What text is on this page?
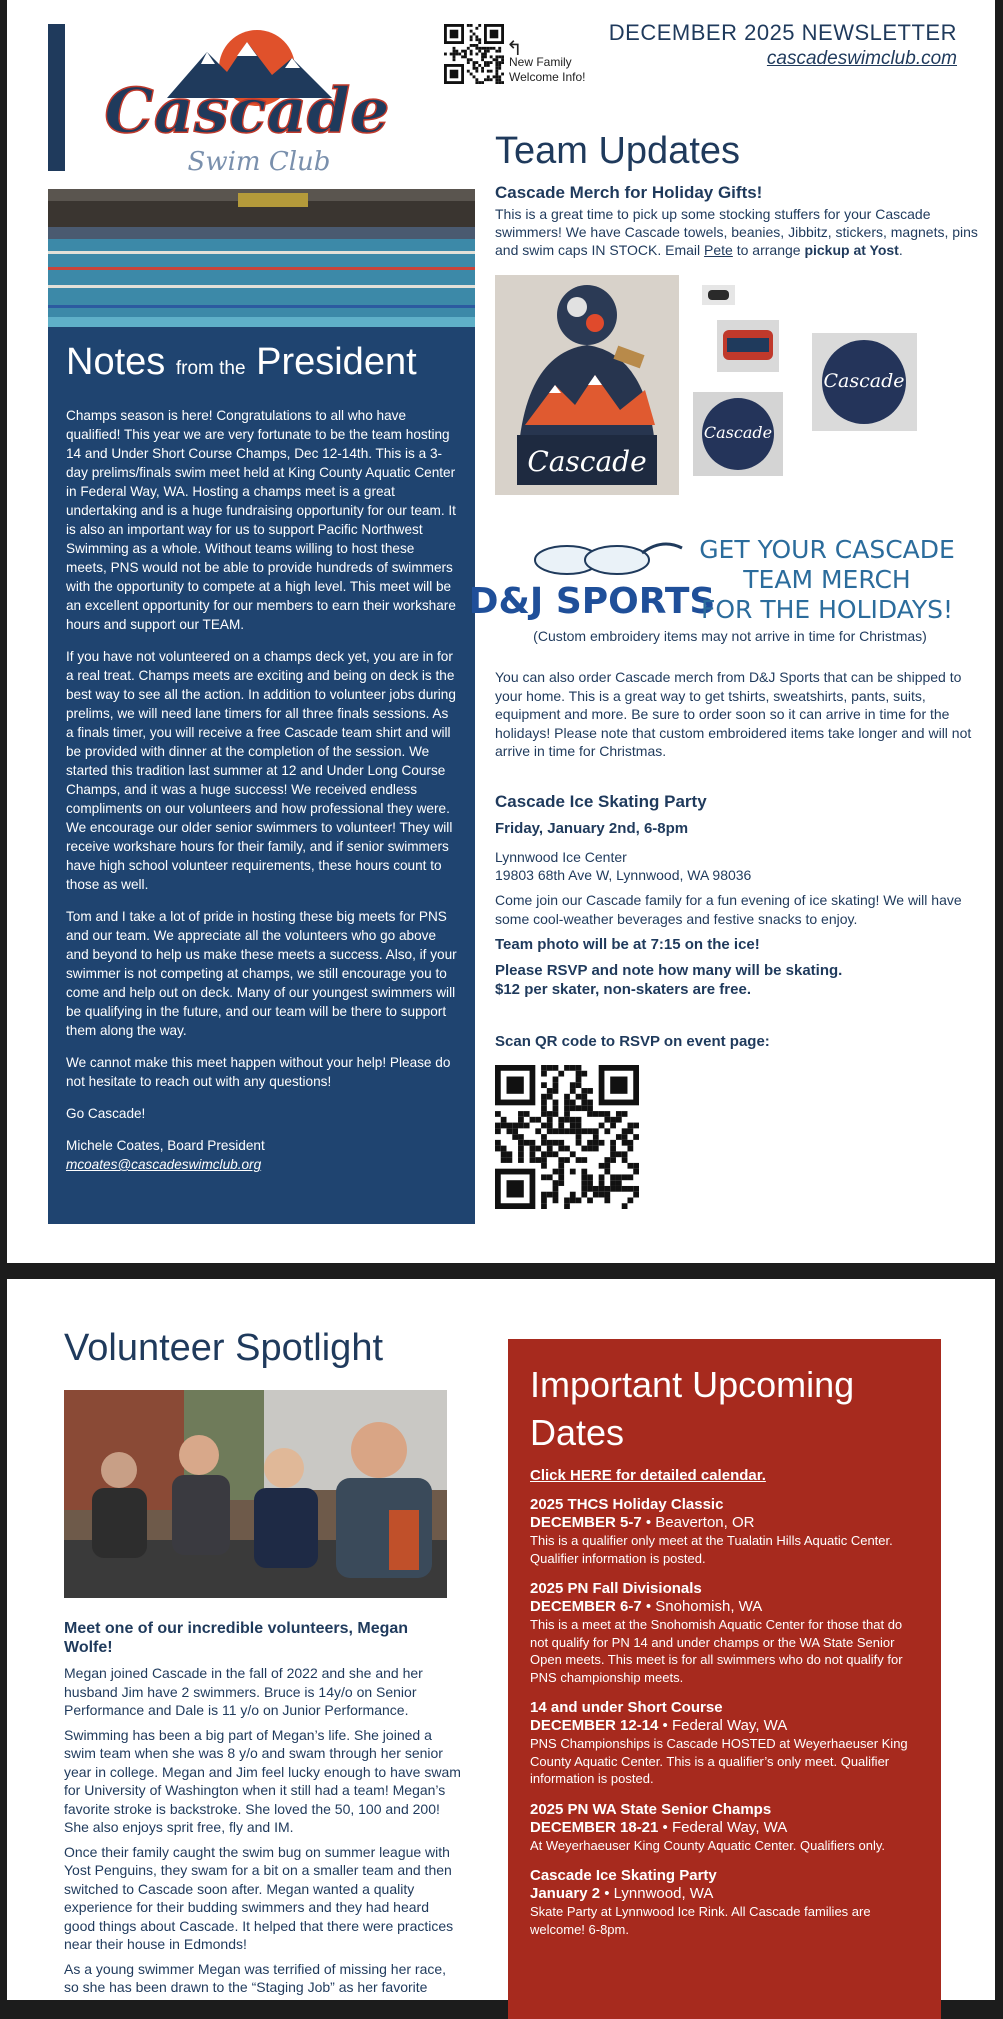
Cascade
Swim Club
↰
New Family
Welcome Info!
DECEMBER 2025 NEWSLETTER
cascadeswimclub.com
Notes from the President

Champs season is here! Congratulations to all who have qualified! This year we are very fortunate to be the team hosting 14 and Under Short Course Champs, Dec 12-14th. This is a 3-day prelims/finals swim meet held at King County Aquatic Center in Federal Way, WA. Hosting a champs meet is a great undertaking and is a huge fundraising opportunity for our team. It is also an important way for us to support Pacific Northwest Swimming as a whole. Without teams willing to host these meets, PNS would not be able to provide hundreds of swimmers with the opportunity to compete at a high level. This meet will be an excellent opportunity for our members to earn their workshare hours and support our TEAM.

If you have not volunteered on a champs deck yet, you are in for a real treat. Champs meets are exciting and being on deck is the best way to see all the action. In addition to volunteer jobs during prelims, we will need lane timers for all three finals sessions. As a finals timer, you will receive a free Cascade team shirt and will be provided with dinner at the completion of the session. We started this tradition last summer at 12 and Under Long Course Champs, and it was a huge success! We received endless compliments on our volunteers and how professional they were. We encourage our older senior swimmers to volunteer! They will receive workshare hours for their family, and if senior swimmers have high school volunteer requirements, these hours count to those as well.

Tom and I take a lot of pride in hosting these big meets for PNS and our team. We appreciate all the volunteers who go above and beyond to help us make these meets a success. Also, if your swimmer is not competing at champs, we still encourage you to come and help out on deck. Many of our youngest swimmers will be qualifying in the future, and our team will be there to support them along the way.

We cannot make this meet happen without your help! Please do not hesitate to reach out with any questions!

Go Cascade!

Michele Coates, Board President

mcoates@cascadeswimclub.org

Team Updates
Cascade Merch for Holiday Gifts!

This is a great time to pick up some stocking stuffers for your Cascade swimmers! We have Cascade towels, beanies, Jibbitz, stickers, magnets, pins and swim caps IN STOCK. Email Pete to arrange pickup at Yost.

Cascade
Cascade
Cascade
D&J SPORTS
GET YOUR CASCADE
TEAM MERCH
FOR THE HOLIDAYS!
(Custom embroidery items may not arrive in time for Christmas)

You can also order Cascade merch from D&J Sports that can be shipped to your home. This is a great way to get tshirts, sweatshirts, pants, suits, equipment and more. Be sure to order soon so it can arrive in time for the holidays! Please note that custom embroidered items take longer and will not arrive in time for Christmas.

Cascade Ice Skating Party
Friday, January 2nd, 6-8pm
Lynnwood Ice Center
19803 68th Ave W, Lynnwood, WA 98036

Come join our Cascade family for a fun evening of ice skating! We will have some cool-weather beverages and festive snacks to enjoy.

Team photo will be at 7:15 on the ice!
Please RSVP and note how many will be skating.
$12 per skater, non-skaters are free.
Scan QR code to RSVP on event page:
Volunteer Spotlight
Meet one of our incredible volunteers, Megan Wolfe!

Megan joined Cascade in the fall of 2022 and she and her husband Jim have 2 swimmers. Bruce is 14y/o on Senior Performance and Dale is 11 y/o on Junior Performance.

Swimming has been a big part of Megan’s life. She joined a swim team when she was 8 y/o and swam through her senior year in college. Megan and Jim feel lucky enough to have swam for University of Washington when it still had a team! Megan’s favorite stroke is backstroke. She loved the 50, 100 and 200! She also enjoys sprit free, fly and IM.

Once their family caught the swim bug on summer league with Yost Penguins, they swam for a bit on a smaller team and then switched to Cascade soon after. Megan wanted a quality experience for their budding swimmers and they had heard good things about Cascade. It helped that there were practices near their house in Edmonds!

As a young swimmer Megan was terrified of missing her race, so she has been drawn to the “Staging Job” as her favorite

Important Upcoming Dates
Click HERE for detailed calendar.
2025 THCS Holiday Classic
DECEMBER 5-7 • Beaverton, OR
This is a qualifier only meet at the Tualatin Hills Aquatic Center. Qualifier information is posted.
2025 PN Fall Divisionals
DECEMBER 6-7 • Snohomish, WA
This is a meet at the Snohomish Aquatic Center for those that do not qualify for PN 14 and under champs or the WA State Senior Open meets. This meet is for all swimmers who do not qualify for PNS championship meets.
14 and under Short Course
DECEMBER 12-14 • Federal Way, WA
PNS Championships is Cascade HOSTED at Weyerhaeuser King County Aquatic Center. This is a qualifier’s only meet. Qualifier information is posted.
2025 PN WA State Senior Champs
DECEMBER 18-21 • Federal Way, WA
At Weyerhaeuser King County Aquatic Center. Qualifiers only.
Cascade Ice Skating Party
January 2 • Lynnwood, WA
Skate Party at Lynnwood Ice Rink. All Cascade families are welcome! 6-8pm.
